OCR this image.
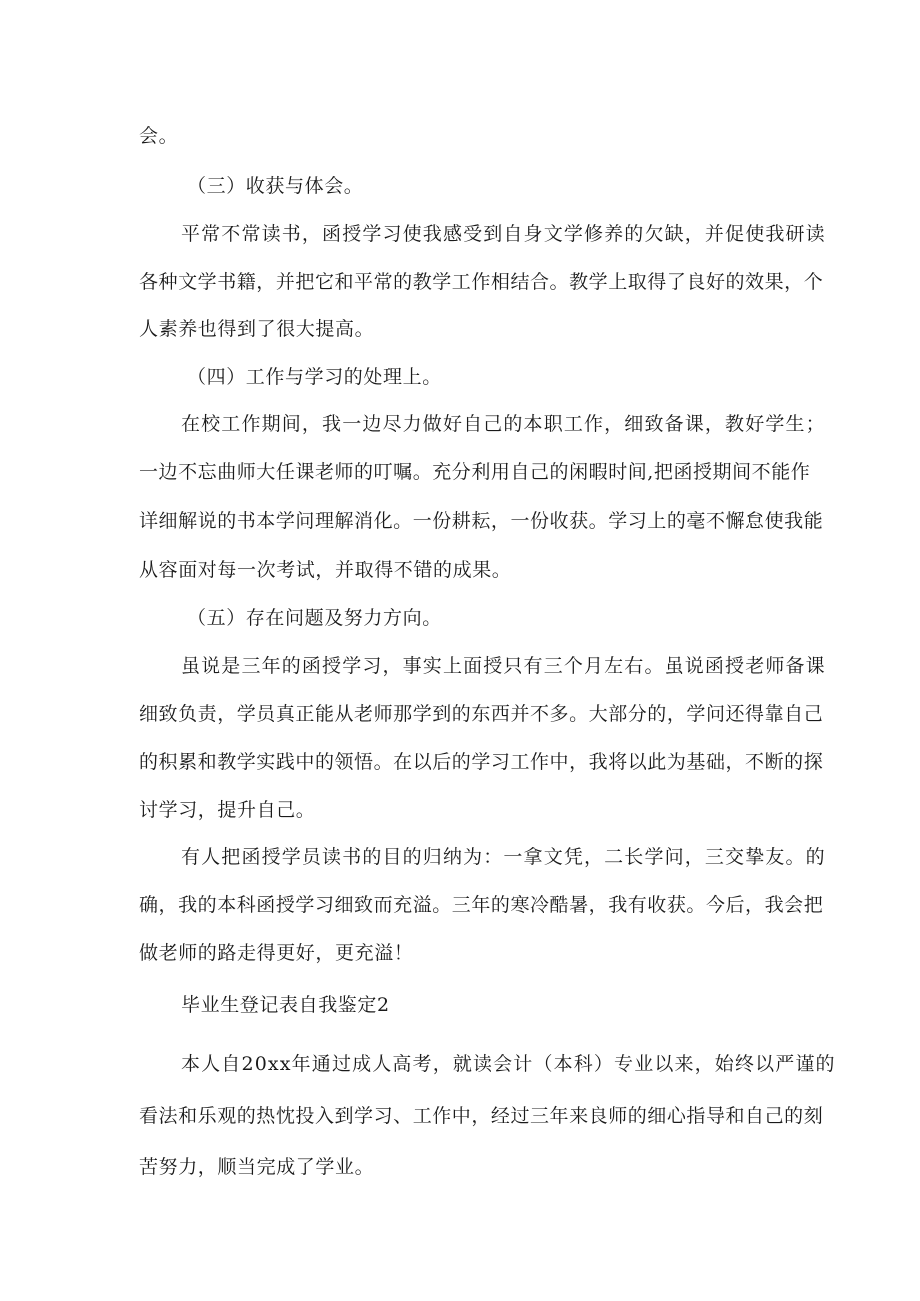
会。
（三）收获与体会。
平常不常读书，函授学习使我感受到自身文学修养的欠缺，并促使我研读
各种文学书籍，并把它和平常的教学工作相结合。教学上取得了良好的效果，个
人素养也得到了很大提高。
（四）工作与学习的处理上。
在校工作期间，我一边尽力做好自己的本职工作，细致备课，教好学生；
一边不忘曲师大任课老师的叮嘱。充分利用自己的闲暇时间,把函授期间不能作
详细解说的书本学问理解消化。一份耕耘，一份收获。学习上的毫不懈怠使我能
从容面对每一次考试，并取得不错的成果。
（五）存在问题及努力方向。
虽说是三年的函授学习，事实上面授只有三个月左右。虽说函授老师备课
细致负责，学员真正能从老师那学到的东西并不多。大部分的，学问还得靠自己
的积累和教学实践中的领悟。在以后的学习工作中，我将以此为基础，不断的探
讨学习，提升自己。
有人把函授学员读书的目的归纳为：一拿文凭，二长学问，三交挚友。的
确，我的本科函授学习细致而充溢。三年的寒冷酷暑，我有收获。今后，我会把
做老师的路走得更好，更充溢！
毕业生登记表自我鉴定2
本人自20xx年通过成人高考，就读会计（本科）专业以来，始终以严谨的
看法和乐观的热忱投入到学习、工作中，经过三年来良师的细心指导和自己的刻
苦努力，顺当完成了学业。
